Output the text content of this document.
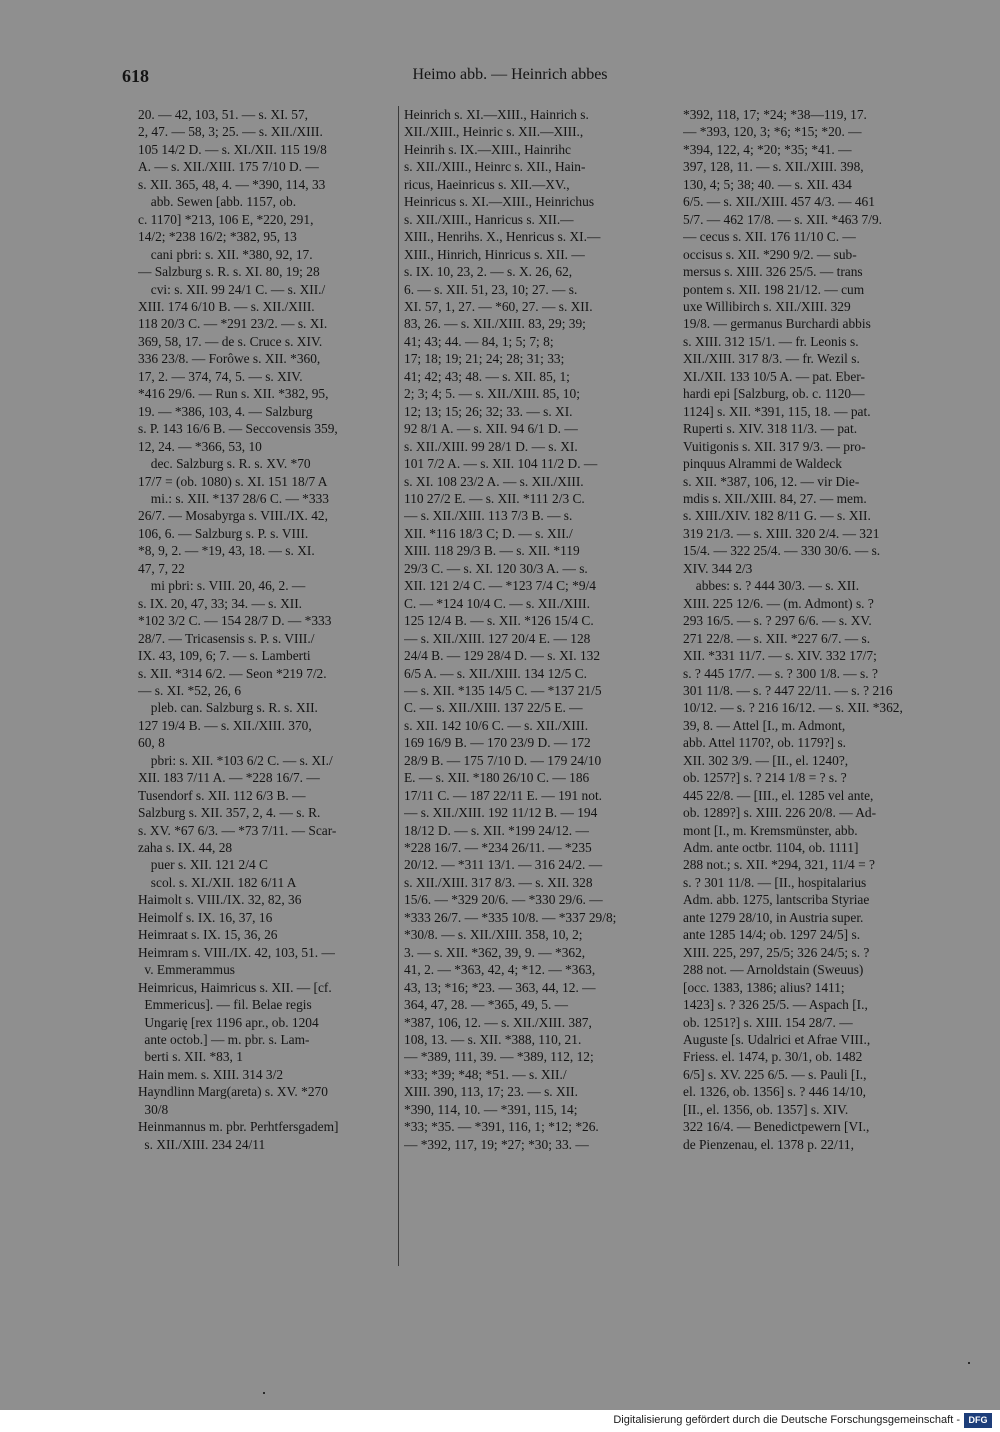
618	Heimo abb. — Heinrich abbes

20. — 42, 103, 51. — s. XI. 57,

2, 47. — 58, 3; 25. — s. XII./XIII.

105 14/2 D. — s. XI./XII. 115 19/8

A. — s. XII./XIII. 175 7/10 D. —

s. XII. 365, 48, 4. — *390, 114, 33

abb. Sewen [abb. 1157, ob.

c. 1170] *213, 106 E, *220, 291,

14/2; *238 16/2; *382, 95, 13

cani pbri: s. XII. *380, 92, 17.

— Salzburg s. R. s. XI. 80, 19; 28

cvi: s. XII. 99 24/1 C. — s. XII./

XIII. 174 6/10 B. — s. XII./XIII.

118 20/3 C. — *291 23/2. — s. XI.

369, 58, 17. — de s. Cruce s. XIV.

336 23/8. — Forôwe s. XII. *360,

17, 2. — 374, 74, 5. — s. XIV.

*416 29/6. — Run s. XII. *382, 95,

19. — *386, 103, 4. — Salzburg

s. P. 143 16/6 B. — Seccovensis 359,

12, 24. — *366, 53, 10

dec. Salzburg s. R. s. XV. *70

17/7 = (ob. 1080) s. XI. 151 18/7 A

mi.: s. XII. *137 28/6 C. — *333

26/7. — Mosabyrga s. VIII./IX. 42,

106, 6. — Salzburg s. P. s. VIII.

*8, 9, 2. — *19, 43, 18. — s. XI.

47, 7, 22

mi pbri: s. VIII. 20, 46, 2. —

s. IX. 20, 47, 33; 34. — s. XII.

*102 3/2 C. — 154 28/7 D. — *333

28/7. — Tricasensis s. P. s. VIII./

IX. 43, 109, 6; 7. — s. Lamberti

s. XII. *314 6/2. — Seon *219 7/2.

— s. XI. *52, 26, 6

pleb. can. Salzburg s. R. s. XII.

127 19/4 B. — s. XII./XIII. 370,

60, 8

pbri: s. XII. *103 6/2 C. — s. XI./

XII. 183 7/11 A. — *228 16/7. —

Tusendorf s. XII. 112 6/3 B. —

Salzburg s. XII. 357, 2, 4. — s. R.

s. XV. *67 6/3. — *73 7/11. — Scar-

zaha s. IX. 44, 28

puer s. XII. 121 2/4 C

scol. s. XI./XII. 182 6/11 A

Haimolt s. VIII./IX. 32, 82, 36

Heimolf s. IX. 16, 37, 16

Heimraat s. IX. 15, 36, 26

Heimram s. VIII./IX. 42, 103, 51. —

v. Emmerammus

Heimricus, Haimricus s. XII. — [cf.

Emmericus]. — fil. Belae regis

Ungarię [rex 1196 apr., ob. 1204

ante octob.] — m. pbr. s. Lam-

berti s. XII. *83, 1

Hain mem. s. XIII. 314 3/2

Hayndlinn Marg(areta) s. XV. *270

30/8

Heinmannus m. pbr. Perhtfersgadem]

s. XII./XIII. 234 24/11

Heinrich s. XI.—XIII., Hainrich s.

XII./XIII., Heinric s. XII.—XIII.,

Heinrih s. IX.—XIII., Hainrihc

s. XII./XIII., Heinrc s. XII., Hain-

ricus, Haeinricus s. XII.—XV.,

Heinricus s. XI.—XIII., Heinrichus

s. XII./XIII., Hanricus s. XII.—

XIII., Henrihs. X., Henricus s. XI.—

XIII., Hinrich, Hinricus s. XII. —

s. IX. 10, 23, 2. — s. X. 26, 62,

6. — s. XII. 51, 23, 10; 27. — s.

XI. 57, 1, 27. — *60, 27. — s. XII.

83, 26. — s. XII./XIII. 83, 29; 39;

41; 43; 44. — 84, 1; 5; 7; 8;

17; 18; 19; 21; 24; 28; 31; 33;

41; 42; 43; 48. — s. XII. 85, 1;

2; 3; 4; 5. — s. XII./XIII. 85, 10;

12; 13; 15; 26; 32; 33. — s. XI.

92 8/1 A. — s. XII. 94 6/1 D. —

s. XII./XIII. 99 28/1 D. — s. XI.

101 7/2 A. — s. XII. 104 11/2 D. —

s. XI. 108 23/2 A. — s. XII./XIII.

110 27/2 E. — s. XII. *111 2/3 C.

— s. XII./XIII. 113 7/3 B. — s.

XII. *116 18/3 C; D. — s. XII./

XIII. 118 29/3 B. — s. XII. *119

29/3 C. — s. XI. 120 30/3 A. — s.

XII. 121 2/4 C. — *123 7/4 C; *9/4

C. — *124 10/4 C. — s. XII./XIII.

125 12/4 B. — s. XII. *126 15/4 C.

— s. XII./XIII. 127 20/4 E. — 128

24/4 B. — 129 28/4 D. — s. XI. 132

6/5 A. — s. XII./XIII. 134 12/5 C.

— s. XII. *135 14/5 C. — *137 21/5

C. — s. XII./XIII. 137 22/5 E. —

s. XII. 142 10/6 C. — s. XII./XIII.

169 16/9 B. — 170 23/9 D. — 172

28/9 B. — 175 7/10 D. — 179 24/10

E. — s. XII. *180 26/10 C. — 186

17/11 C. — 187 22/11 E. — 191 not.

— s. XII./XIII. 192 11/12 B. — 194

18/12 D. — s. XII. *199 24/12. —

*228 16/7. — *234 26/11. — *235

20/12. — *311 13/1. — 316 24/2. —

s. XII./XIII. 317 8/3. — s. XII. 328

15/6. — *329 20/6. — *330 29/6. —

*333 26/7. — *335 10/8. — *337 29/8;

*30/8. — s. XII./XIII. 358, 10, 2;

3. — s. XII. *362, 39, 9. — *362,

41, 2. — *363, 42, 4; *12. — *363,

43, 13; *16; *23. — 363, 44, 12. —

364, 47, 28. — *365, 49, 5. —

*387, 106, 12. — s. XII./XIII. 387,

108, 13. — s. XII. *388, 110, 21.

— *389, 111, 39. — *389, 112, 12;

*33; *39; *48; *51. — s. XII./

XIII. 390, 113, 17; 23. — s. XII.

*390, 114, 10. — *391, 115, 14;

*33; *35. — *391, 116, 1; *12; *26.

— *392, 117, 19; *27; *30; 33. —

*392, 118, 17; *24; *38—119, 17.

— *393, 120, 3; *6; *15; *20. —

*394, 122, 4; *20; *35; *41. —

397, 128, 11. — s. XII./XIII. 398,

130, 4; 5; 38; 40. — s. XII. 434

6/5. — s. XII./XIII. 457 4/3. — 461

5/7. — 462 17/8. — s. XII. *463 7/9.

— cecus s. XII. 176 11/10 C. —

occisus s. XII. *290 9/2. — sub-

mersus s. XIII. 326 25/5. — trans

pontem s. XII. 198 21/12. — cum

uxe Willibirch s. XII./XIII. 329

19/8. — germanus Burchardi abbis

s. XIII. 312 15/1. — fr. Leonis s.

XII./XIII. 317 8/3. — fr. Wezil s.

XI./XII. 133 10/5 A. — pat. Eber-

hardi epi [Salzburg, ob. c. 1120—

1124] s. XII. *391, 115, 18. — pat.

Ruperti s. XIV. 318 11/3. — pat.

Vuitigonis s. XII. 317 9/3. — pro-

pinquus Alrammi de Waldeck

s. XII. *387, 106, 12. — vir Die-

mdis s. XII./XIII. 84, 27. — mem.

s. XIII./XIV. 182 8/11 G. — s. XII.

319 21/3. — s. XIII. 320 2/4. — 321

15/4. — 322 25/4. — 330 30/6. — s.

XIV. 344 2/3

abbes: s. ? 444 30/3. — s. XII.

XIII. 225 12/6. — (m. Admont) s. ?

293 16/5. — s. ? 297 6/6. — s. XV.

271 22/8. — s. XII. *227 6/7. — s.

XII. *331 11/7. — s. XIV. 332 17/7;

s. ? 445 17/7. — s. ? 300 1/8. — s. ?

301 11/8. — s. ? 447 22/11. — s. ? 216

10/12. — s. ? 216 16/12. — s. XII. *362,

39, 8. — Attel [I., m. Admont,

abb. Attel 1170?, ob. 1179?] s.

XII. 302 3/9. — [II., el. 1240?,

ob. 1257?] s. ? 214 1/8 = ? s. ?

445 22/8. — [III., el. 1285 vel ante,

ob. 1289?] s. XIII. 226 20/8. — Ad-

mont [I., m. Kremsmünster, abb.

Adm. ante octbr. 1104, ob. 1111]

288 not.; s. XII. *294, 321, 11/4 = ?

s. ? 301 11/8. — [II., hospitalarius

Adm. abb. 1275, lantscriba Styriae

ante 1279 28/10, in Austria super.

ante 1285 14/4; ob. 1297 24/5] s.

XIII. 225, 297, 25/5; 326 24/5; s. ?

288 not. — Arnoldstain (Sweuus)

[occ. 1383, 1386; alius? 1411;

1423] s. ? 326 25/5. — Aspach [I.,

ob. 1251?] s. XIII. 154 28/7. —

Auguste [s. Udalrici et Afrae VIII.,

Friess. el. 1474, p. 30/1, ob. 1482

6/5] s. XV. 225 6/5. — s. Pauli [I.,

el. 1326, ob. 1356] s. ? 446 14/10,

[II., el. 1356, ob. 1357] s. XIV.

322 16/4. — Benedictpewern [VI.,

de Pienzenau, el. 1378 p. 22/11,

Digitalisierung gefördert durch die Deutsche Forschungsgemeinschaft - DFG
